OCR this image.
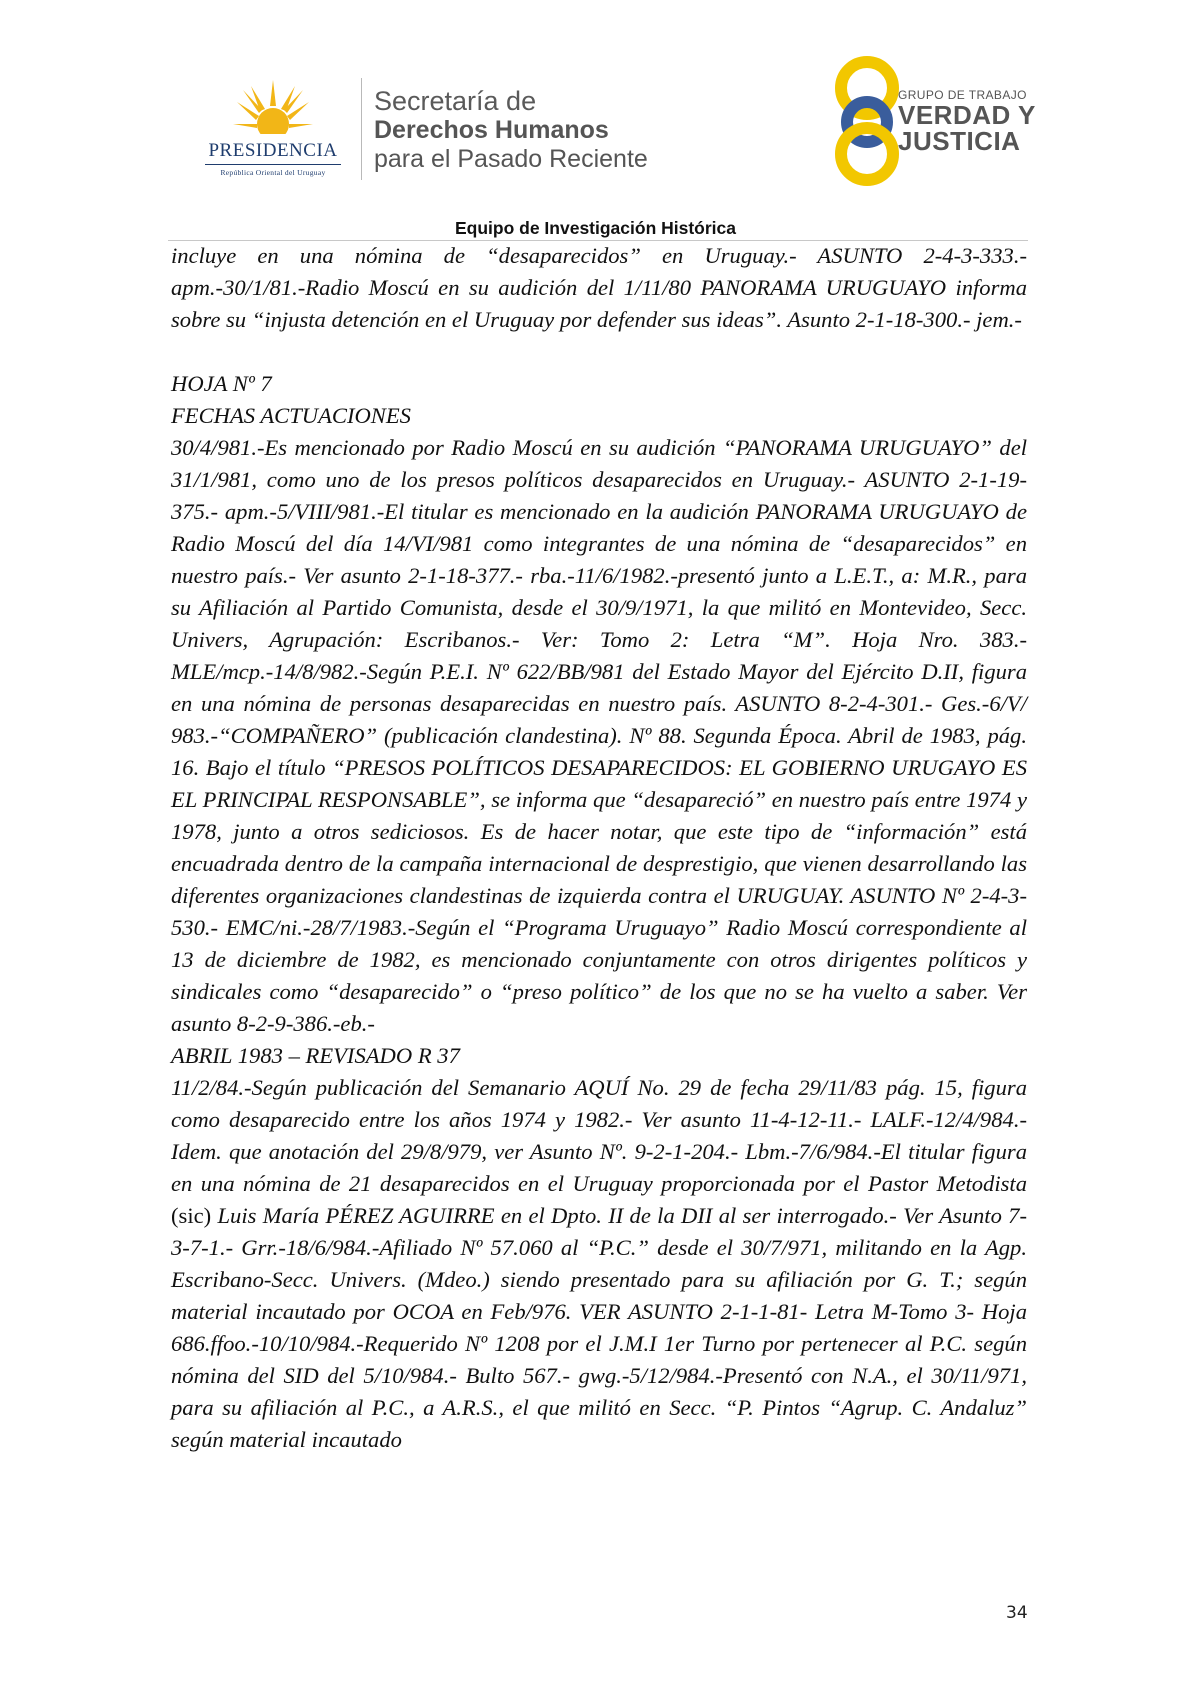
PRESIDENCIA
República Oriental del Uruguay
Secretaría de
Derechos Humanos
para el Pasado Reciente
GRUPO DE TRABAJO
VERDAD Y
JUSTICIA
Equipo de Investigación Histórica

incluye en una nómina de “desaparecidos” en Uruguay.- ASUNTO 2-4-3-333.- apm.-30/1/81.-Radio Moscú en su audición del 1/11/80 PANORAMA URUGUAYO informa sobre su “injusta detención en el Uruguay por defender sus ideas”. Asunto 2-1-18-300.- jem.-

HOJA Nº 7

FECHAS ACTUACIONES

30/4/981.-Es mencionado por Radio Moscú en su audición “PANORAMA URUGUAYO” del 31/1/981, como uno de los presos políticos desaparecidos en Uruguay.- ASUNTO 2-1-19-375.- apm.-5/VIII/981.-El titular es mencionado en la audición PANORAMA URUGUAYO de Radio Moscú del día 14/VI/981 como integrantes de una nómina de “desaparecidos” en nuestro país.- Ver asunto 2-1-18-377.- rba.-11/6/1982.-presentó junto a L.E.T., a: M.R., para su Afiliación al Partido Comunista, desde el 30/9/1971, la que militó en Montevideo, Secc. Univers, Agrupación: Escribanos.- Ver: Tomo 2: Letra “M”. Hoja Nro. 383.- MLE/mcp.-14/8/982.-Según P.E.I. Nº 622/BB/981 del Estado Mayor del Ejército D.II, figura en una nómina de personas desaparecidas en nuestro país. ASUNTO 8-2-4-301.- Ges.-6/V/ 983.-“COMPAÑERO” (publicación clandestina). Nº 88. Segunda Época. Abril de 1983, pág. 16. Bajo el título “PRESOS POLÍTICOS DESAPARECIDOS: EL GOBIERNO URUGAYO ES EL PRINCIPAL RESPONSABLE”, se informa que “desapareció” en nuestro país entre 1974 y 1978, junto a otros sediciosos. Es de hacer notar, que este tipo de “información” está encuadrada dentro de la campaña internacional de desprestigio, que vienen desarrollando las diferentes organizaciones clandestinas de izquierda contra el URUGUAY. ASUNTO Nº 2-4-3-530.- EMC/ni.-28/7/1983.-Según el “Programa Uruguayo” Radio Moscú correspondiente al 13 de diciembre de 1982, es mencionado conjuntamente con otros dirigentes políticos y sindicales como “desaparecido” o “preso político” de los que no se ha vuelto a saber. Ver asunto 8-2-9-386.-eb.-

ABRIL 1983 – REVISADO R 37

11/2/84.-Según publicación del Semanario AQUÍ No. 29 de fecha 29/11/83 pág. 15, figura como desaparecido entre los años 1974 y 1982.- Ver asunto 11-4-12-11.- LALF.-12/4/984.-Idem. que anotación del 29/8/979, ver Asunto Nº. 9-2-1-204.- Lbm.-7/6/984.-El titular figura en una nómina de 21 desaparecidos en el Uruguay proporcionada por el Pastor Metodista (sic) Luis María PÉREZ AGUIRRE en el Dpto. II de la DII al ser interrogado.- Ver Asunto 7-3-7-1.- Grr.-18/6/984.-Afiliado Nº 57.060 al “P.C.” desde el 30/7/971, militando en la Agp. Escribano-Secc. Univers. (Mdeo.) siendo presentado para su afiliación por G. T.; según material incautado por OCOA en Feb/976. VER ASUNTO 2-1-1-81- Letra M-Tomo 3- Hoja 686.ffoo.-10/10/984.-Requerido Nº 1208 por el J.M.I 1er Turno por pertenecer al P.C. según nómina del SID del 5/10/984.- Bulto 567.- gwg.-5/12/984.-Presentó con N.A., el 30/11/971, para su afiliación al P.C., a A.R.S., el que militó en Secc. “P. Pintos “Agrup. C. Andaluz” según material incautado

34
